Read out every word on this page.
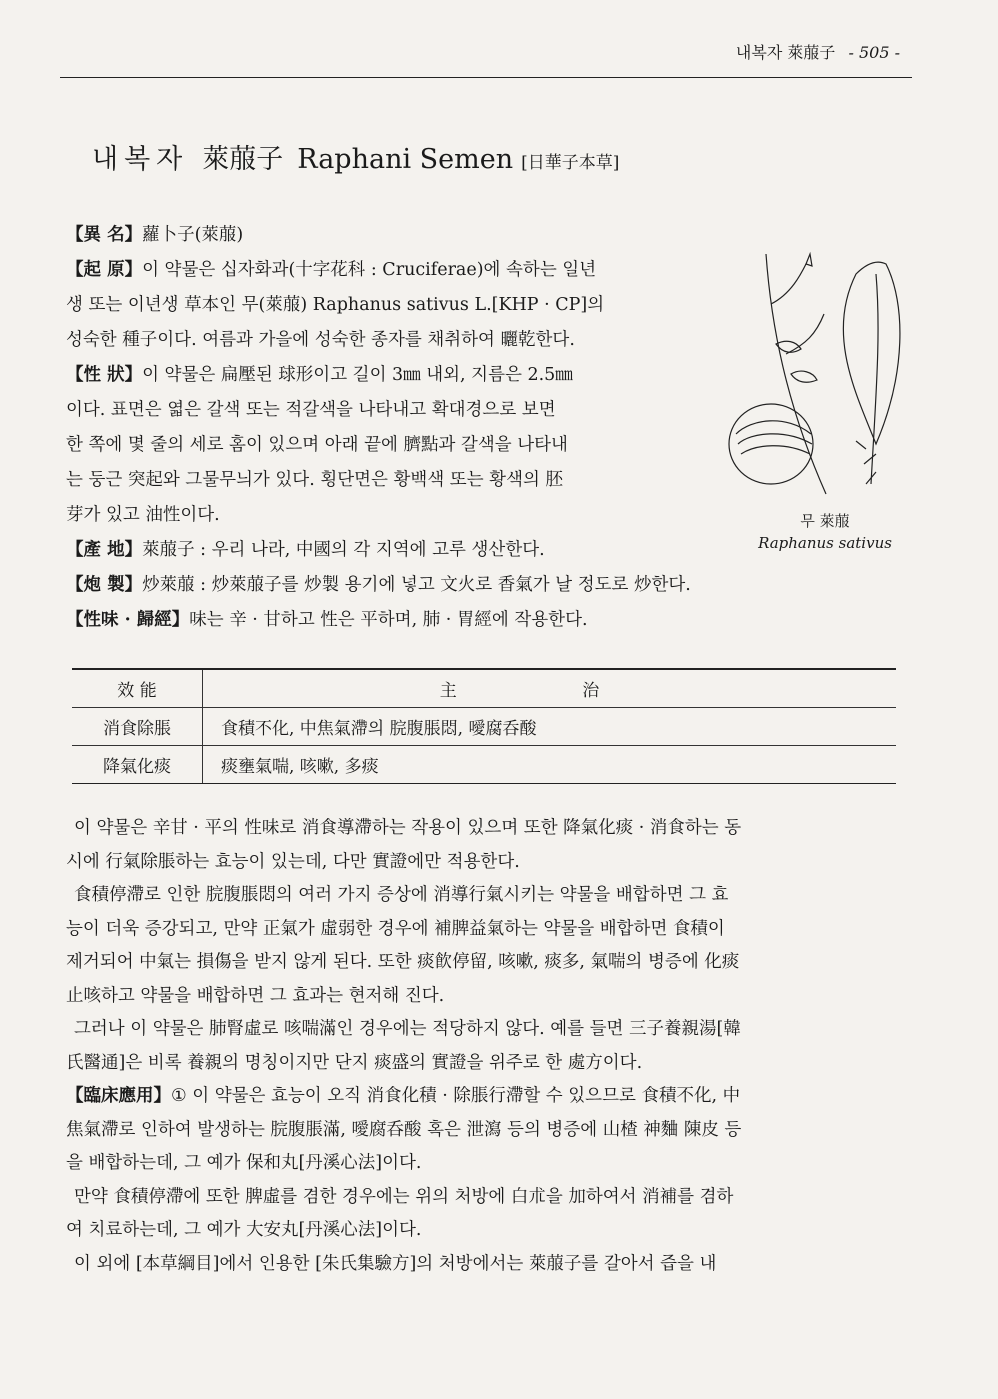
내복자 萊菔子 - 505 -
내복자 萊菔子 Raphani Semen [日華子本草]

【異 名】蘿卜子(萊菔)

【起 原】이 약물은 십자화과(十字花科 : Cruciferae)에 속하는 일년

생 또는 이년생 草本인 무(萊菔) Raphanus sativus L.[KHP · CP]의

성숙한 種子이다. 여름과 가을에 성숙한 종자를 채취하여 曬乾한다.

【性 狀】이 약물은 扁壓된 球形이고 길이 3㎜ 내외, 지름은 2.5㎜

이다. 표면은 엷은 갈색 또는 적갈색을 나타내고 확대경으로 보면

한 쪽에 몇 줄의 세로 홈이 있으며 아래 끝에 臍點과 갈색을 나타내

는 둥근 突起와 그물무늬가 있다. 횡단면은 황백색 또는 황색의 胚

芽가 있고 油性이다.

【產 地】萊菔子 : 우리 나라, 中國의 각 지역에 고루 생산한다.

【炮 製】炒萊菔 : 炒萊菔子를 炒製 용기에 넣고 文火로 香氣가 날 정도로 炒한다.

【性味 · 歸經】味는 辛 · 甘하고 性은 平하며, 肺 · 胃經에 작용한다.

무 萊菔
Raphanus sativus
效 能	主 治
消食除脹	食積不化, 中焦氣滯의 脘腹脹悶, 噯腐呑酸
降氣化痰	痰壅氣喘, 咳嗽, 多痰

이 약물은 辛甘 · 平의 性味로 消食導滯하는 작용이 있으며 또한 降氣化痰 · 消食하는 동

시에 行氣除脹하는 효능이 있는데, 다만 實證에만 적용한다.

食積停滯로 인한 脘腹脹悶의 여러 가지 증상에 消導行氣시키는 약물을 배합하면 그 효

능이 더욱 증강되고, 만약 正氣가 虛弱한 경우에 補脾益氣하는 약물을 배합하면 食積이

제거되어 中氣는 損傷을 받지 않게 된다. 또한 痰飮停留, 咳嗽, 痰多, 氣喘의 병증에 化痰

止咳하고 약물을 배합하면 그 효과는 현저해 진다.

그러나 이 약물은 肺腎虛로 咳喘滿인 경우에는 적당하지 않다. 예를 들면 三子養親湯[韓

氏醫通]은 비록 養親의 명칭이지만 단지 痰盛의 實證을 위주로 한 處方이다.

【臨床應用】① 이 약물은 효능이 오직 消食化積 · 除脹行滯할 수 있으므로 食積不化, 中

焦氣滯로 인하여 발생하는 脘腹脹滿, 噯腐呑酸 혹은 泄瀉 등의 병증에 山楂 神麯 陳皮 등

을 배합하는데, 그 예가 保和丸[丹溪心法]이다.

만약 食積停滯에 또한 脾虛를 겸한 경우에는 위의 처방에 白朮을 加하여서 消補를 겸하

여 치료하는데, 그 예가 大安丸[丹溪心法]이다.

이 외에 [本草綱目]에서 인용한 [朱氏集驗方]의 처방에서는 萊菔子를 갈아서 즙을 내
